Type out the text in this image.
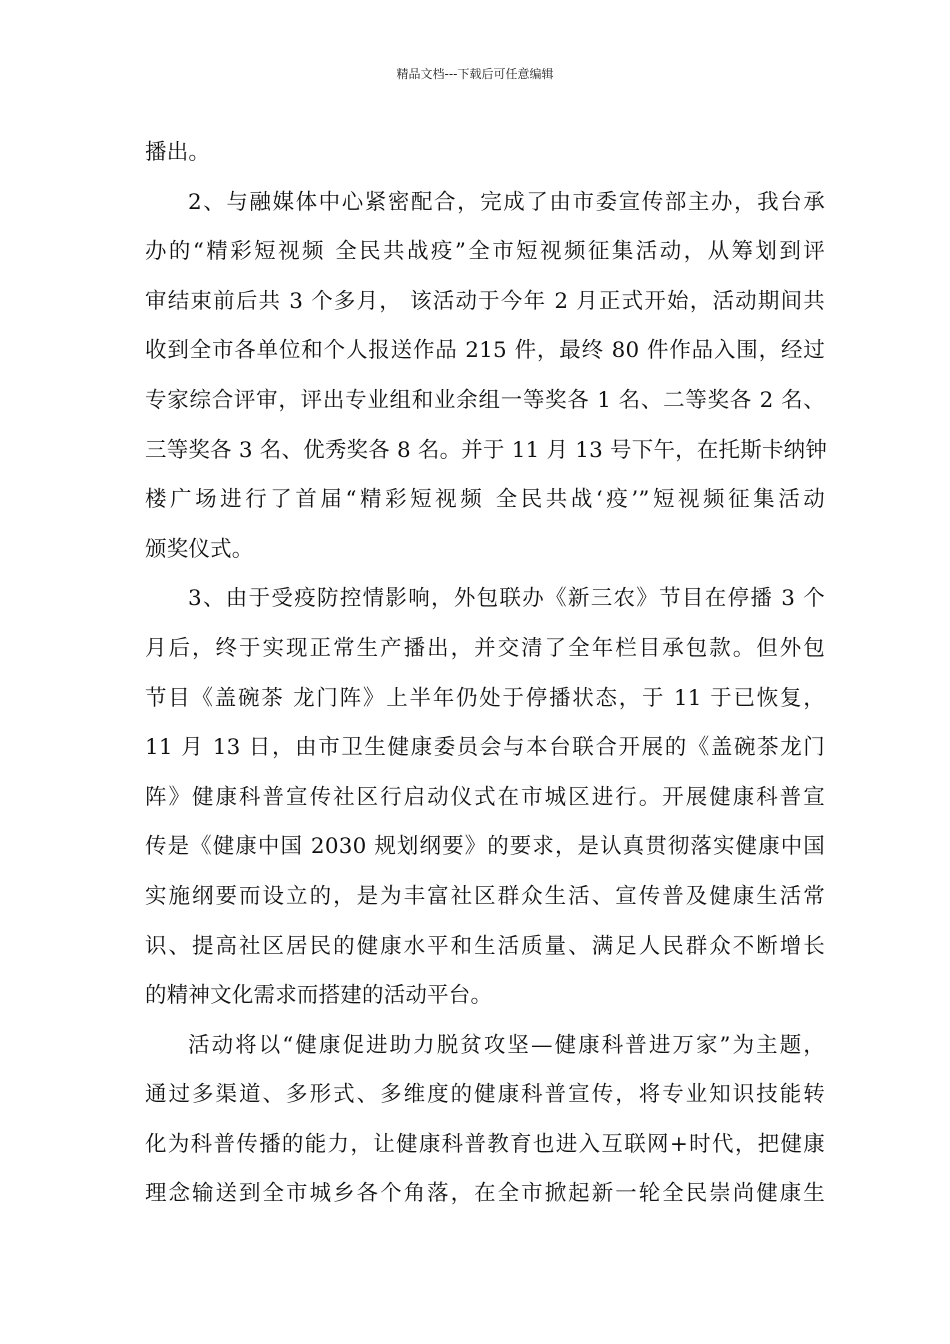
精品文档---下载后可任意编辑
播出。
2、与融媒体中心紧密配合，完成了由市委宣传部主办，我台承
办的“精彩短视频 全民共战疫”全市短视频征集活动，从筹划到评
审结束前后共 3 个多月， 该活动于今年 2 月正式开始，活动期间共
收到全市各单位和个人报送作品 215 件，最终 80 件作品入围，经过
专家综合评审，评出专业组和业余组一等奖各 1 名、二等奖各 2 名、
三等奖各 3 名、优秀奖各 8 名。并于 11 月 13 号下午，在托斯卡纳钟
楼广场进行了首届“精彩短视频 全民共战‘疫’”短视频征集活动
颁奖仪式。
3、由于受疫防控情影响，外包联办《新三农》节目在停播 3 个
月后，终于实现正常生产播出，并交清了全年栏目承包款。但外包
节目《盖碗茶 龙门阵》上半年仍处于停播状态，于 11 于已恢复，
11 月 13 日，由市卫生健康委员会与本台联合开展的《盖碗茶龙门
阵》健康科普宣传社区行启动仪式在市城区进行。开展健康科普宣
传是《健康中国 2030 规划纲要》的要求，是认真贯彻落实健康中国
实施纲要而设立的，是为丰富社区群众生活、宣传普及健康生活常
识、提高社区居民的健康水平和生活质量、满足人民群众不断增长
的精神文化需求而搭建的活动平台。
活动将以“健康促进助力脱贫攻坚—健康科普进万家”为主题，
通过多渠道、多形式、多维度的健康科普宣传，将专业知识技能转
化为科普传播的能力，让健康科普教育也进入互联网+时代，把健康
理念输送到全市城乡各个角落，在全市掀起新一轮全民崇尚健康生
